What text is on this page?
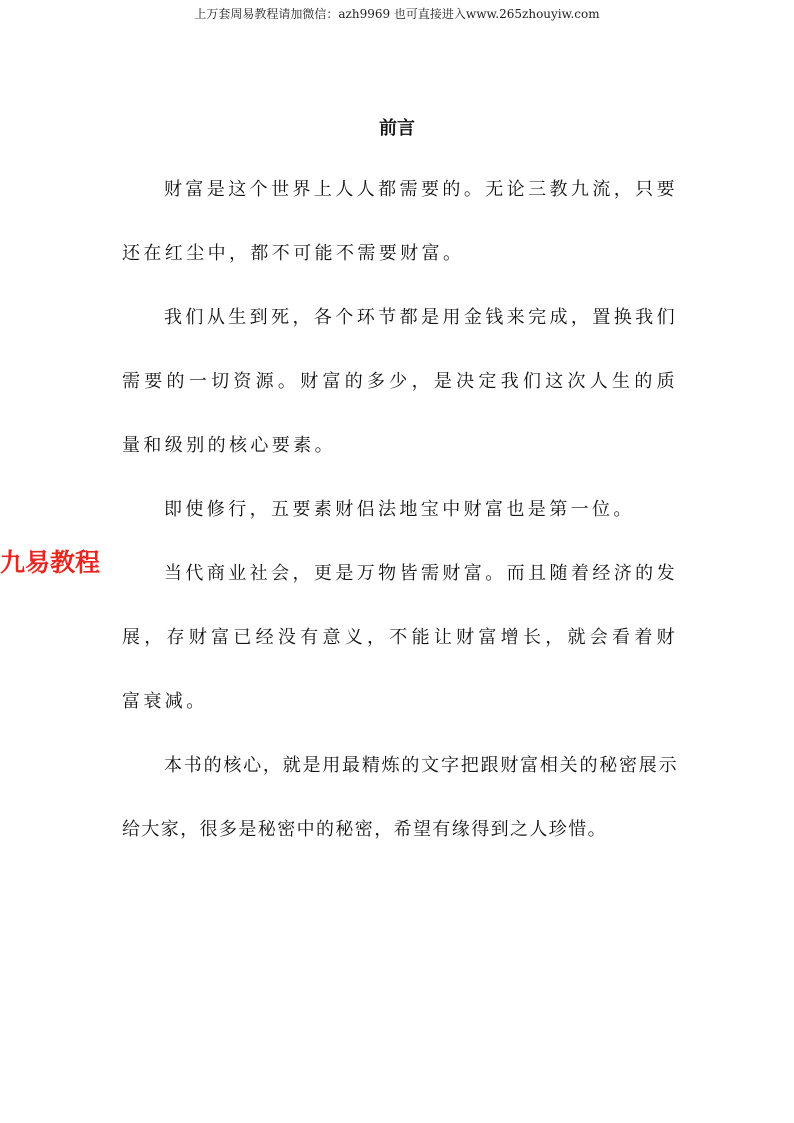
上万套周易教程请加微信：azh9969 也可直接进入www.265zhouyiw.com
前言

财富是这个世界上人人都需要的。无论三教九流，只要还在红尘中，都不可能不需要财富。

我们从生到死，各个环节都是用金钱来完成，置换我们需要的一切资源。财富的多少，是决定我们这次人生的质量和级别的核心要素。

即使修行，五要素财侣法地宝中财富也是第一位。

当代商业社会，更是万物皆需财富。而且随着经济的发展，存财富已经没有意义，不能让财富增长，就会看着财富衰减。

本书的核心，就是用最精炼的文字把跟财富相关的秘密展示给大家，很多是秘密中的秘密，希望有缘得到之人珍惜。

九易教程
